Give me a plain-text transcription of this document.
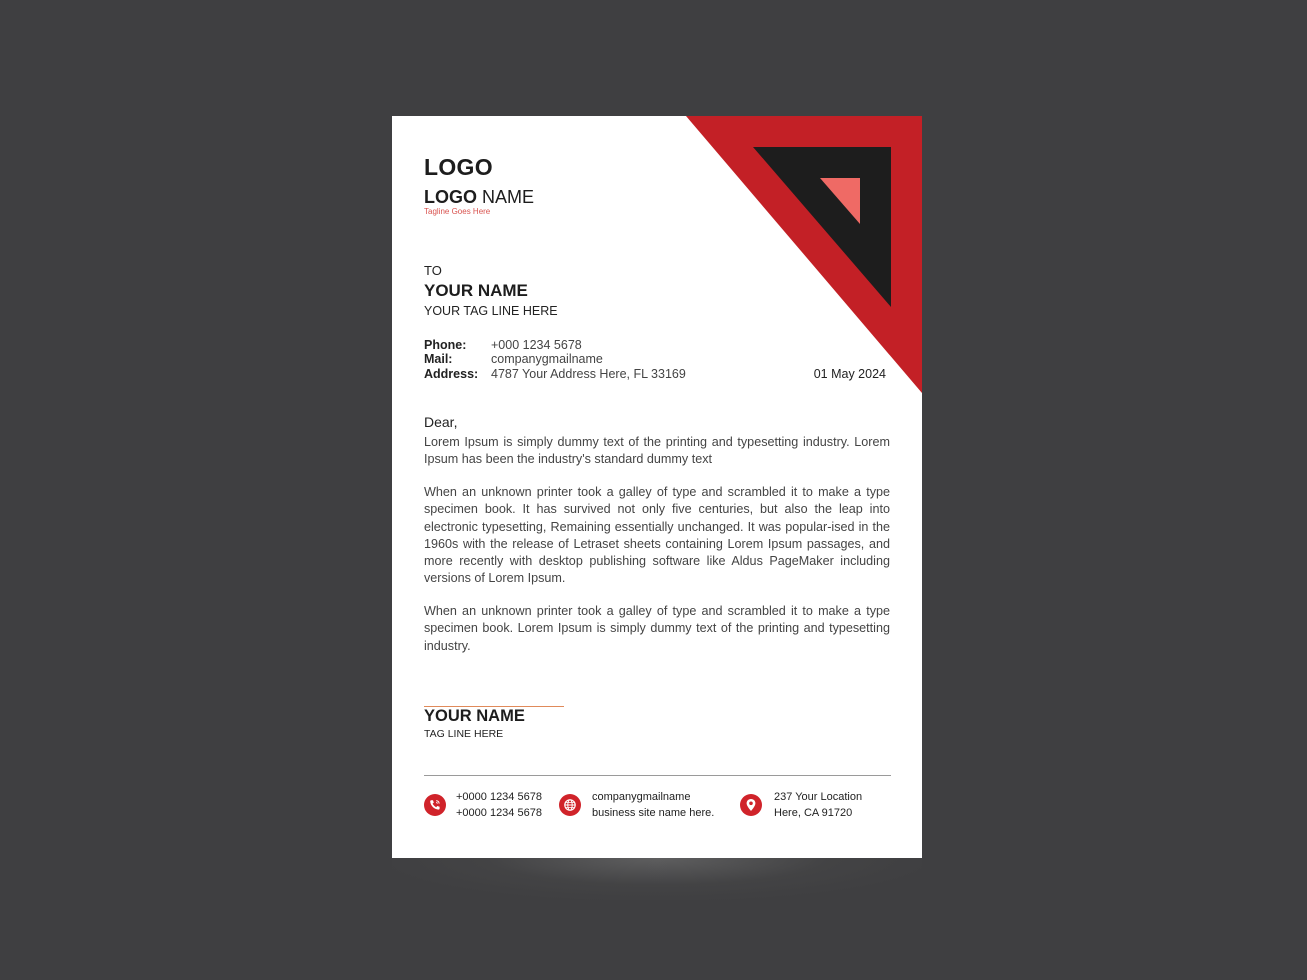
LOGO
LOGO NAME
Tagline Goes Here
TO
YOUR NAME
YOUR TAG LINE HERE
Phone: +000 1234 5678
Mail:	companygmailname
Address: 4787 Your Address Here, FL 33169	01 May 2024
Dear,
Lorem Ipsum is simply dummy text of the printing and typesetting industry. Lorem Ipsum has been the industry's standard dummy text
When an unknown printer took a galley of type and scrambled it to make a type specimen book. It has survived not only five centuries, but also the leap into electronic typesetting, Remaining essentially unchanged. It was popular-ised in the 1960s with the release of Letraset sheets containing Lorem Ipsum passages, and more recently with desktop publishing software like Aldus PageMaker including versions of Lorem Ipsum.
When an unknown printer took a galley of type and scrambled it to make a type specimen book. Lorem Ipsum is simply dummy text of the printing and typesetting industry.
YOUR NAME
TAG LINE HERE
+0000 1234 5678
+0000 1234 5678
companygmailname
business site name here.
237 Your Location
Here, CA 91720
